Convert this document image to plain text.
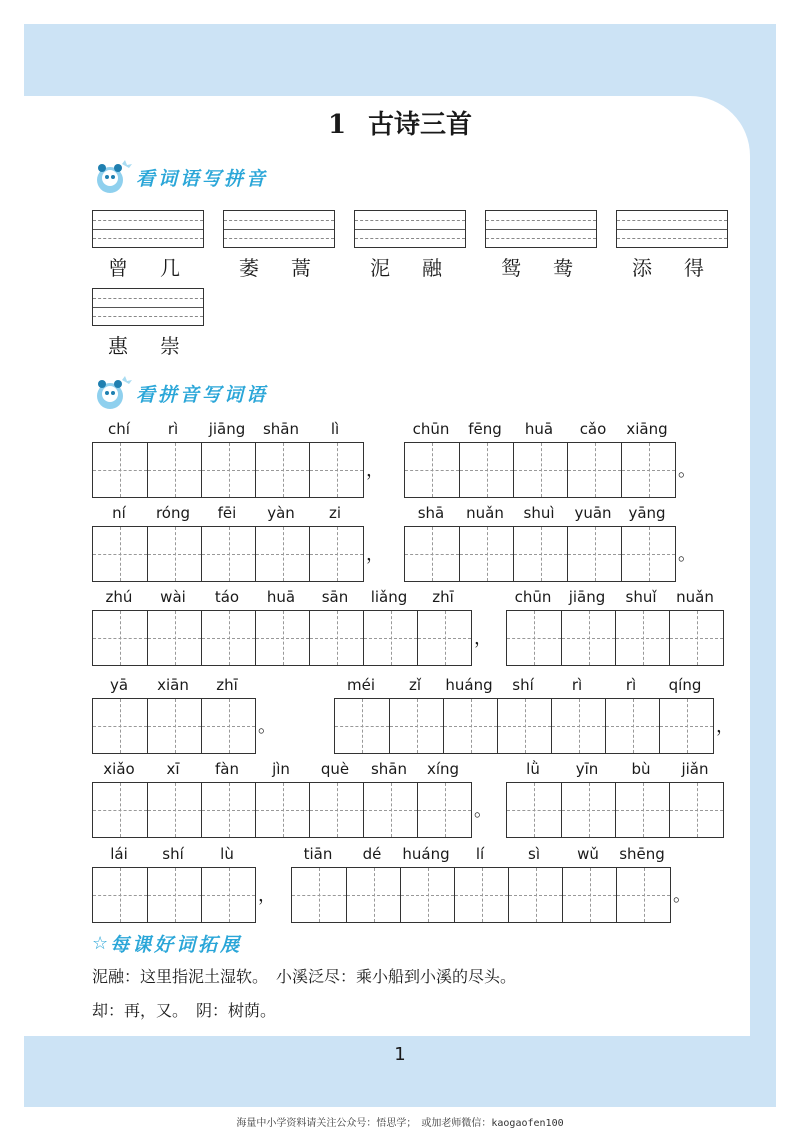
1 古诗三首
看词语写拼音
曾 几	萎 蒿	泥 融	鸳 鸯	添 得
惠 崇
看拼音写词语
chí	rì	jiāng	shān	lì
，
chūn	fēng	huā	cǎo	xiāng
。
ní	róng	fēi	yàn	zi
，
shā	nuǎn	shuì	yuān	yāng
。
zhú	wài	táo	huā	sān	liǎng	zhī
，
chūn	jiāng	shuǐ	nuǎn
yā	xiān	zhī
。
méi	zǐ	huáng	shí	rì	rì	qíng
，
xiǎo	xī	fàn	jìn	què	shān	xíng
。
lǜ	yīn	bù	jiǎn
lái	shí	lù
，
tiān	dé	huáng	lí	sì	wǔ	shēng
。
☆ 每课好词拓展
泥融：这里指泥土湿软。　小溪泛尽：乘小船到小溪的尽头。
却：再，又。　阴：树荫。
1
海量中小学资料请关注公众号：悟思学；　或加老师微信：kaogaofen100
